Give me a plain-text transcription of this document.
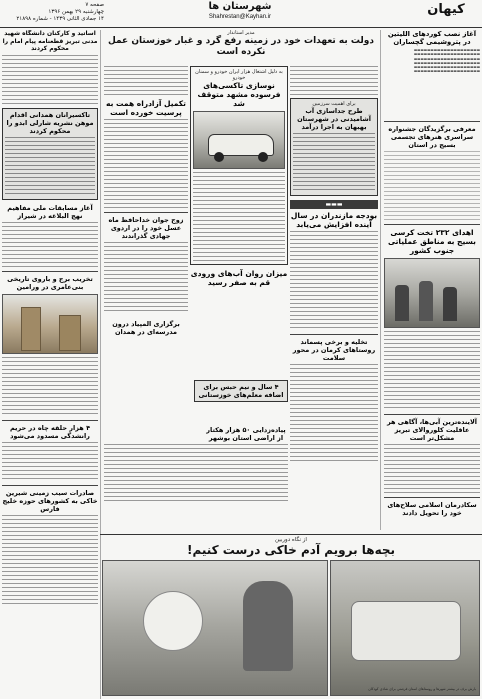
کیهان
شهرستان ها
Shahrestan@Kayhan.ir
صفحه ۷
چهارشنبه ۲۹ بهمن ۱۳۹۶
۱۴ جمادی الثانی ۱۴۳۹ - شماره ۲۱۸۹۸
آغاز نصب کوردهای اللیتین در پتروشیمی گچساران
▬▬▬▬▬▬▬▬▬▬▬▬▬▬▬▬▬▬▬▬
▬▬▬▬▬▬▬▬▬▬▬▬▬▬▬▬▬▬▬▬
▬▬▬▬▬▬▬▬▬▬▬▬▬▬▬▬▬▬▬▬
▬▬▬▬▬▬▬▬▬▬▬▬▬▬▬▬▬▬▬▬
▬▬▬▬▬▬▬▬▬▬▬▬▬▬▬▬▬▬▬▬
▬▬▬▬▬▬▬▬▬▬▬▬▬▬▬▬▬▬▬▬
معرفی برگزیدگان جشنواره سراسری هنرهای تجسمی بسیج در استان
اهدای ۲۳۲ تخت کرسی بسیج به مناطق عملیاتی جنوب کشور
آلاینده‌ترین آبی‌ها، آگاهی هر عاقلیت کلوروالای تبریز مشکل‌تر است
سکادرمان اسلامی سلاح‌های خود را تحویل دادند
مدیر استاندار
دولت به تعهدات خود در زمینه رفع گرد و غبار خوزستان عمل نکرده است
برای اهمیت سرزمین
طرح جداسازی آب آشامیدنی در شهرستان بهبهان به اجرا درآمد
▬▬▬
بودجه مازندران در سال آینده افزایش می‌یابد
تخلیه و برخی پسماند روستاهای کرمان در محور سلامت
به دلیل اشتغال هزار ایران خودرو و سمنان خودرو
نوسازی تاکسی‌های فرسوده مشهد متوقف شد
میزان روان آب‌های ورودی قم به صفر رسید
تکمیل آزادراه همت به پرسیت خورده است
زوج جوان خداحافظ ماه عسل خود را در اردوی جهادی گذراندند
برگزاری المپیاد درون مدرسه‌ای در همدان
۴ سال و نیم حبس برای اضافه معلم‌های خوزستانی
پیاده‌زدایی ۵۰ هزار هکتار از اراضی استان بوشهر
اساتید و کارکنان دانشگاه شهید مدنی تبریز قطعنامه پیام امام را محکوم کردند
تاکسیرانان همدانی اقدام موهن نشریه شارلی ابدو را محکوم کردند
آغاز مسابقات ملی مفاهیم نهج البلاغه در شیراز
تخریب برج و باروی تاریخی بنی‌عامری در ورامین
۴ هزار حلقه چاه در حریم رانشدگی مسدود می‌شود
صادرات سیب زمینی شیرین خاکی به کشورهای حوزه خلیج فارس
از نگاه دوربین
بچه‌ها برویم آدم خاکی درست کنیم!
بارش برف در بیشتر شهرها و روستاهای استان فرصتی برای شادی کودکان
